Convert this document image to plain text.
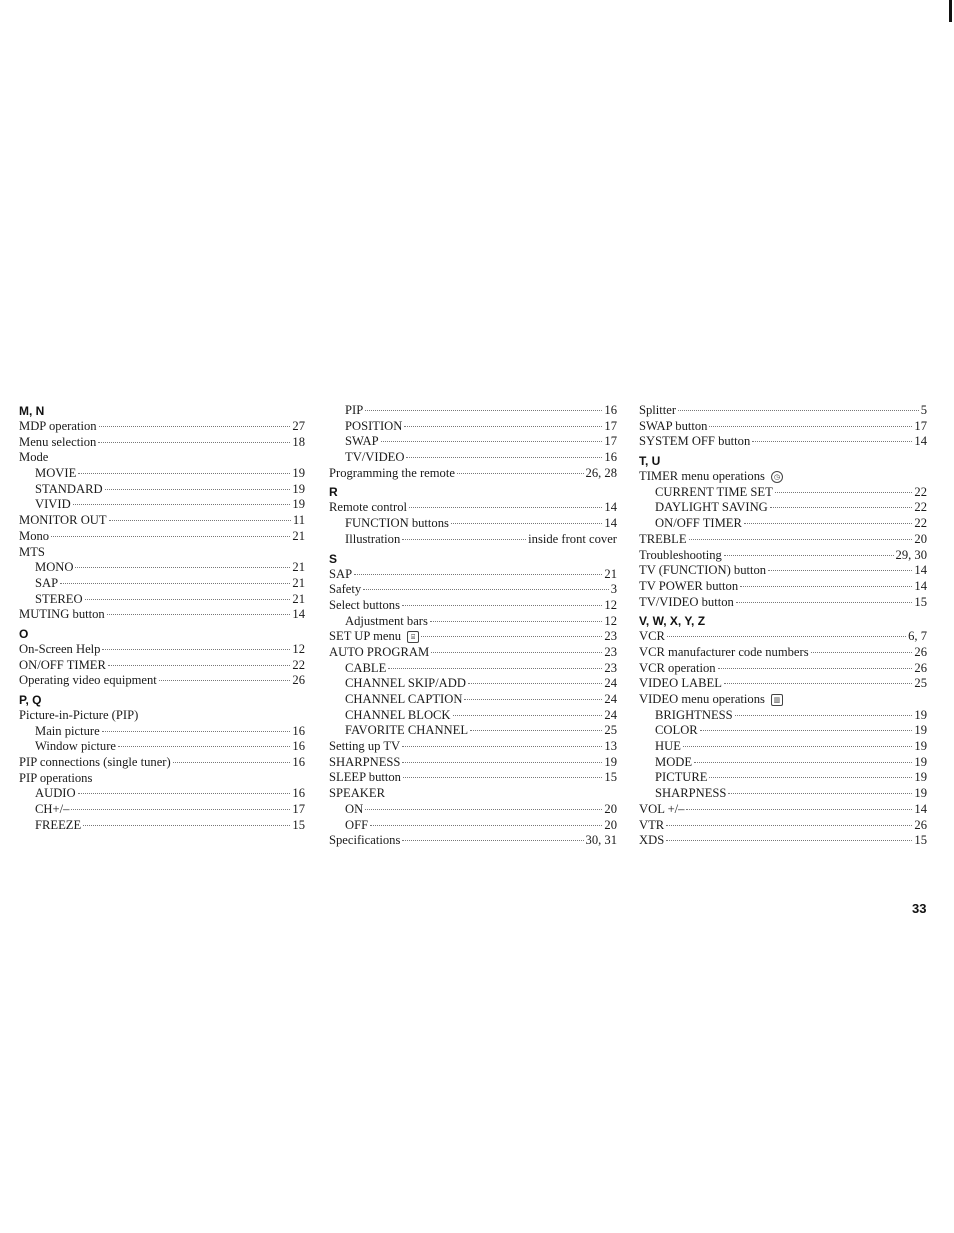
M, N
MDP operation	27
Menu selection	18
Mode
MOVIE	19
STANDARD	19
VIVID	19
MONITOR OUT	11
Mono	21
MTS
MONO	21
SAP	21
STEREO	21
MUTING button	14
O
On-Screen Help	12
ON/OFF TIMER	22
Operating video equipment	26
P, Q
Picture-in-Picture (PIP)
Main picture	16
Window picture	16
PIP connections (single tuner)	16
PIP operations
AUDIO	16
CH+/–	17
FREEZE	15
PIP	16
POSITION	17
SWAP	17
TV/VIDEO	16
Programming the remote	26, 28
R
Remote control	14
FUNCTION buttons	14
Illustration	inside front cover
S
SAP	21
Safety	3
Select buttons	12
Adjustment bars	12
SET UP menu ⌸	23
AUTO PROGRAM	23
CABLE	23
CHANNEL SKIP/ADD	24
CHANNEL CAPTION	24
CHANNEL BLOCK	24
FAVORITE CHANNEL	25
Setting up TV	13
SHARPNESS	19
SLEEP button	15
SPEAKER
ON	20
OFF	20
Specifications	30, 31
Splitter	5
SWAP button	17
SYSTEM OFF button	14
T, U
TIMER menu operations ◷
CURRENT TIME SET	22
DAYLIGHT SAVING	22
ON/OFF TIMER	22
TREBLE	20
Troubleshooting	29, 30
TV (FUNCTION) button	14
TV POWER button	14
TV/VIDEO button	15
V, W, X, Y, Z
VCR	6, 7
VCR manufacturer code numbers	26
VCR operation	26
VIDEO LABEL	25
VIDEO menu operations ▥
BRIGHTNESS	19
COLOR	19
HUE	19
MODE	19
PICTURE	19
SHARPNESS	19
VOL +/–	14
VTR	26
XDS	15
33
